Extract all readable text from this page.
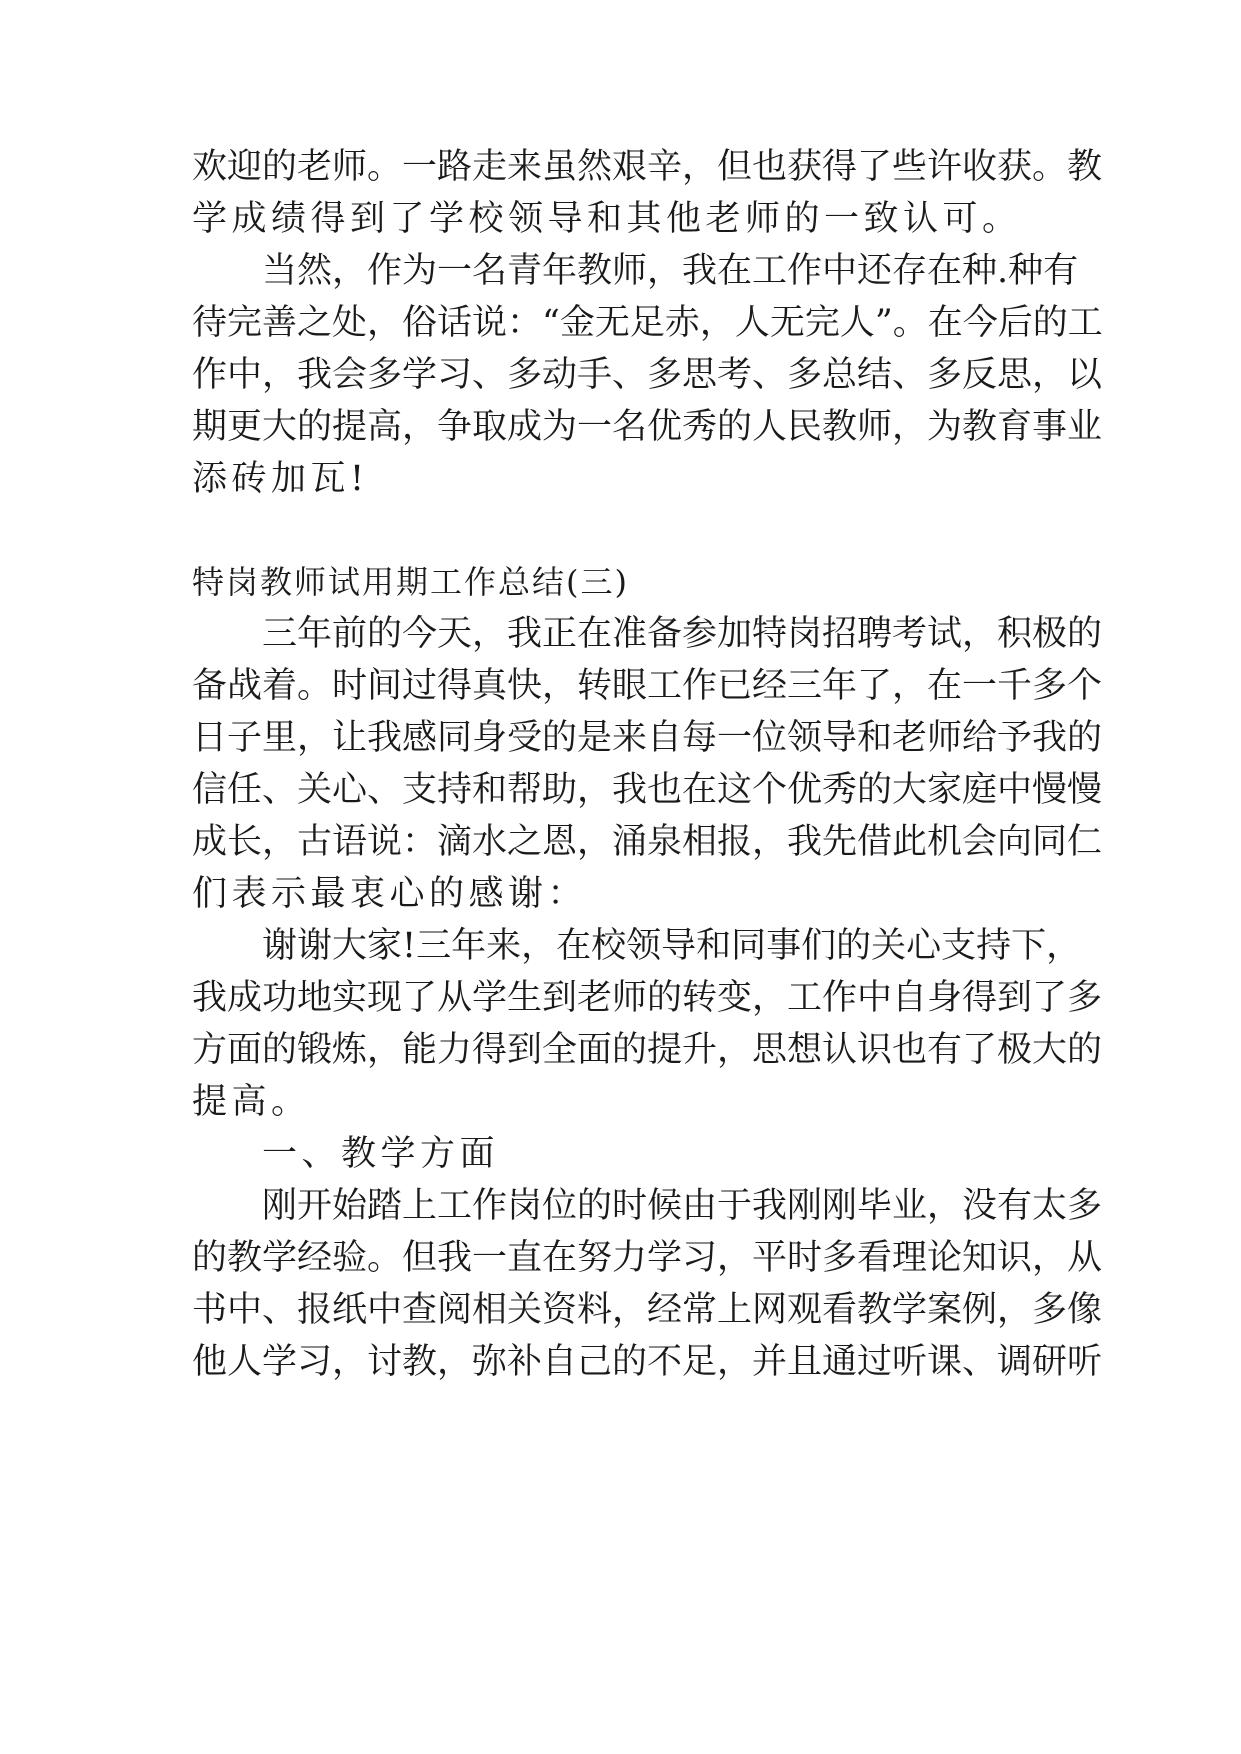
欢迎的老师。一路走来虽然艰辛，但也获得了些许收获。教
学成绩得到了学校领导和其他老师的一致认可。
当然，作为一名青年教师，我在工作中还存在种.种有
待完善之处，俗话说：“金无足赤，人无完人”。在今后的工
作中，我会多学习、多动手、多思考、多总结、多反思，以
期更大的提高，争取成为一名优秀的人民教师，为教育事业
添砖加瓦!
特岗教师试用期工作总结(三)
三年前的今天，我正在准备参加特岗招聘考试，积极的
备战着。时间过得真快，转眼工作已经三年了，在一千多个
日子里，让我感同身受的是来自每一位领导和老师给予我的
信任、关心、支持和帮助，我也在这个优秀的大家庭中慢慢
成长，古语说：滴水之恩，涌泉相报，我先借此机会向同仁
们表示最衷心的感谢：
谢谢大家!三年来，在校领导和同事们的关心支持下，
我成功地实现了从学生到老师的转变，工作中自身得到了多
方面的锻炼，能力得到全面的提升，思想认识也有了极大的
提高。
一、教学方面
刚开始踏上工作岗位的时候由于我刚刚毕业，没有太多
的教学经验。但我一直在努力学习，平时多看理论知识，从
书中、报纸中查阅相关资料，经常上网观看教学案例，多像
他人学习，讨教，弥补自己的不足，并且通过听课、调研听
